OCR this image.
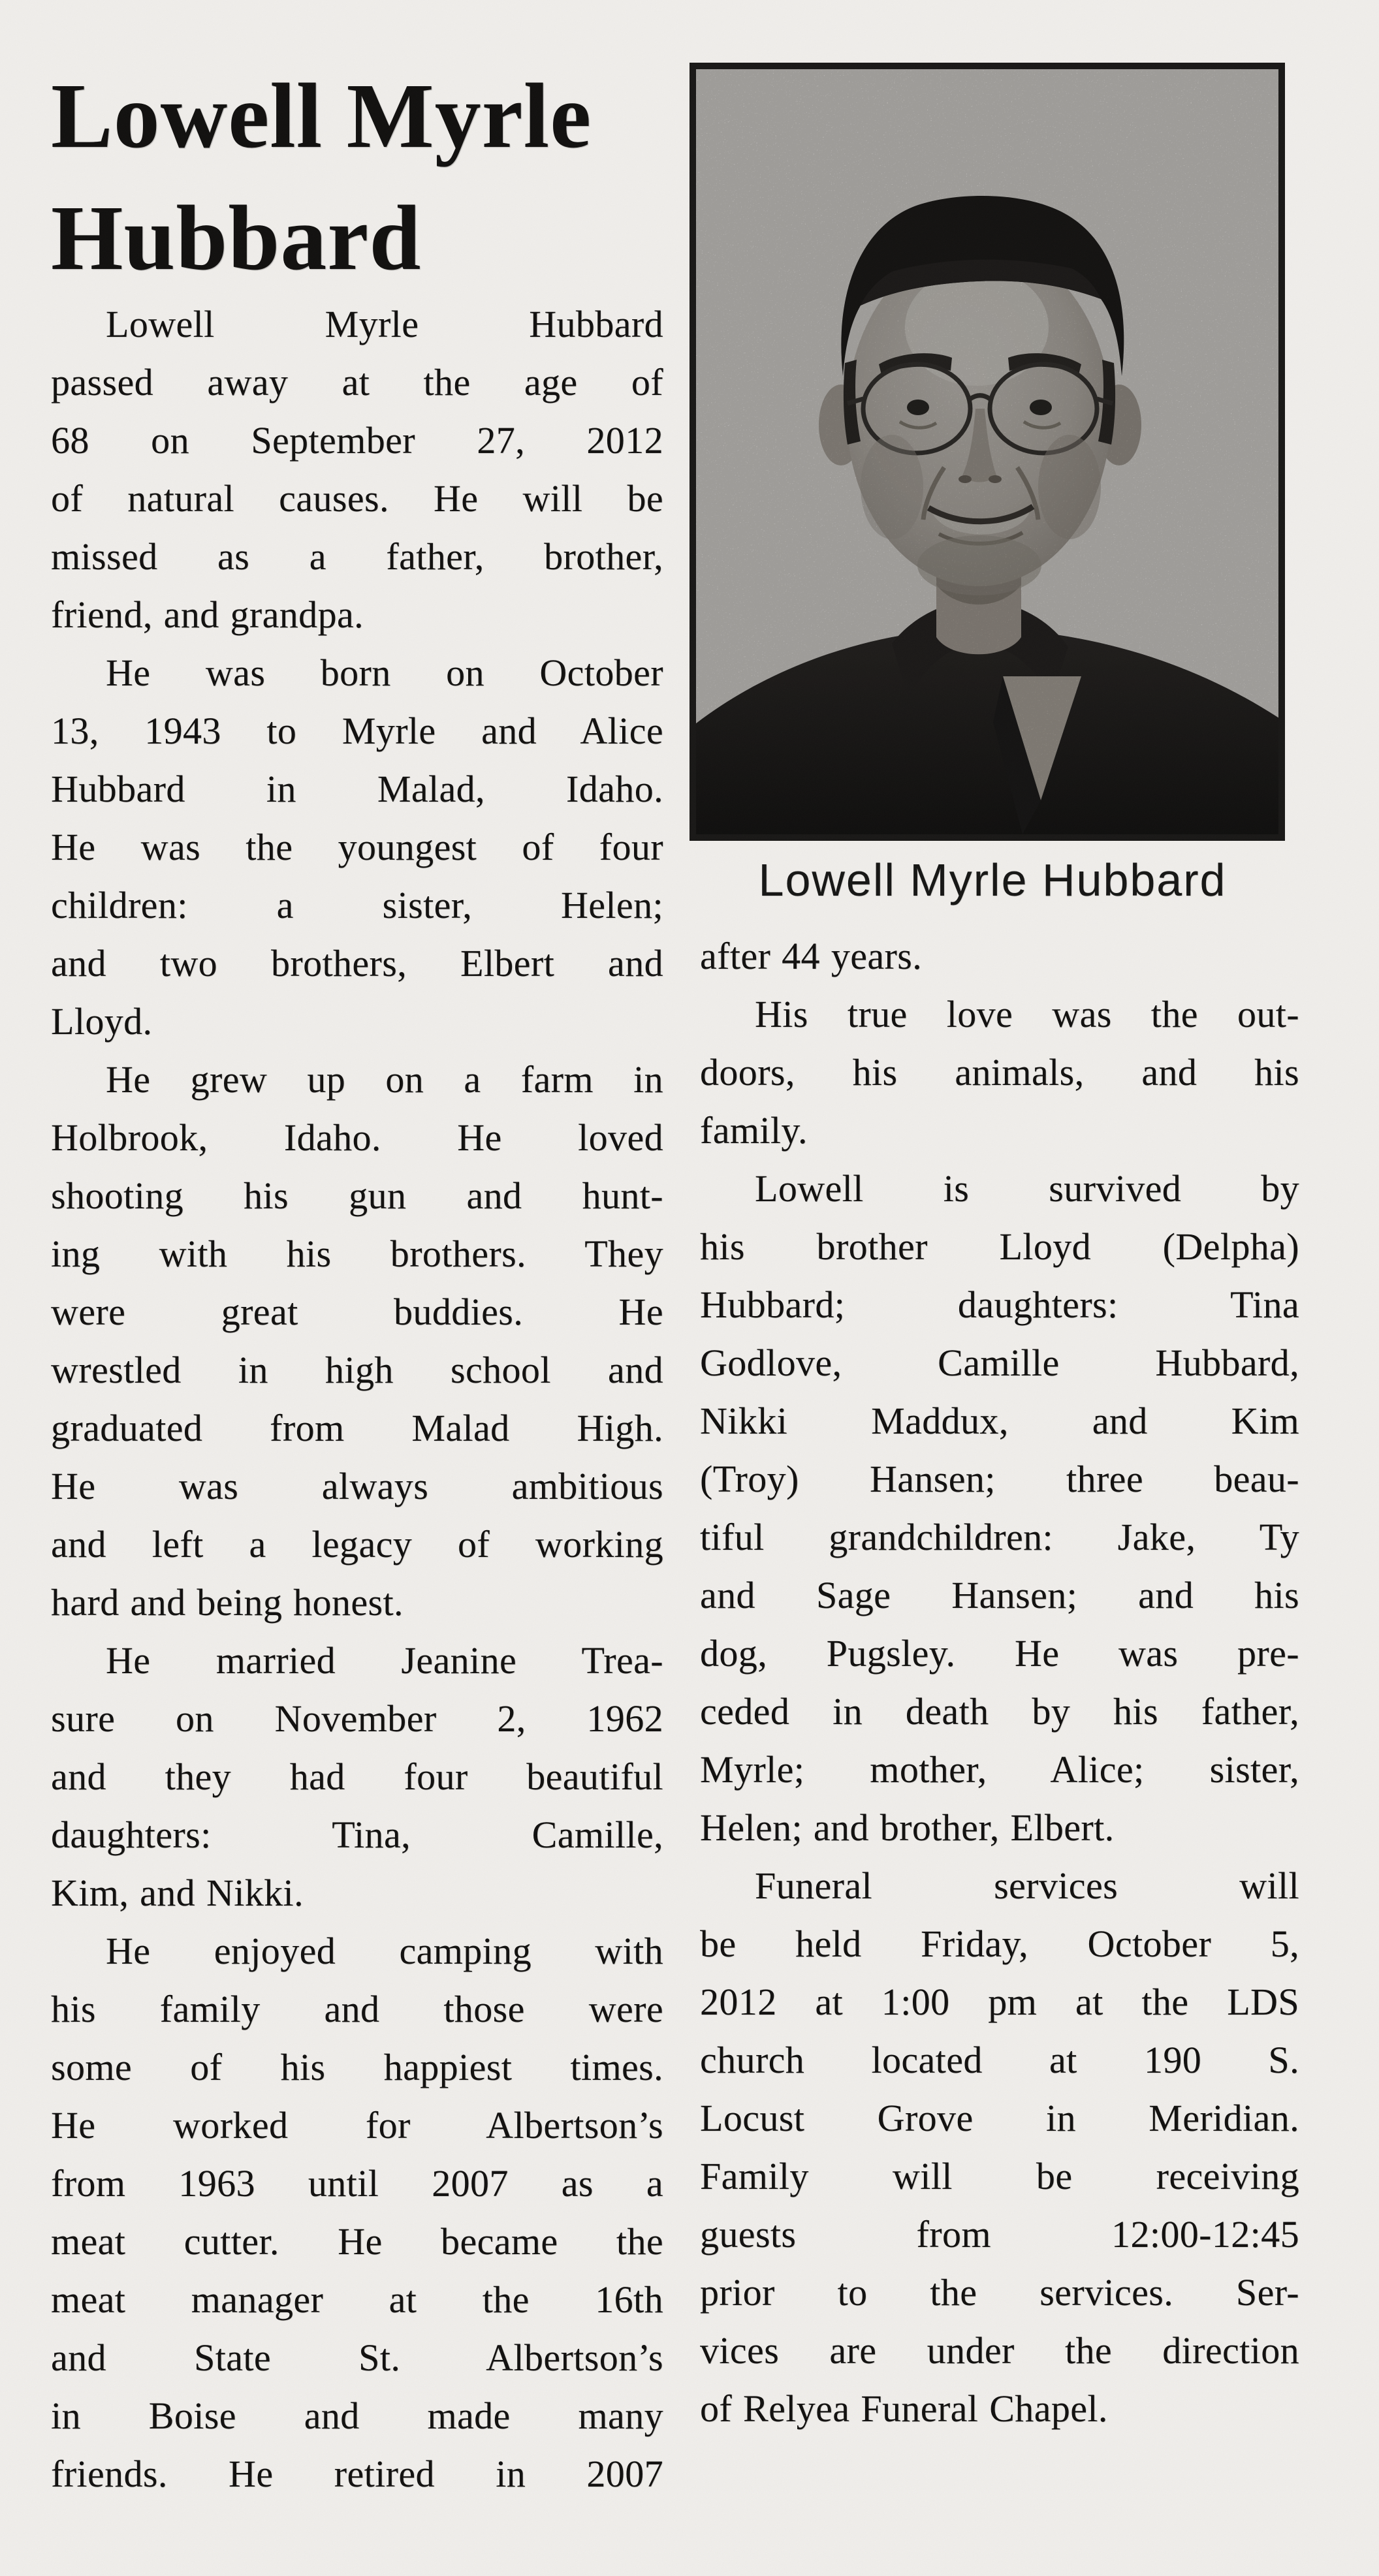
Lowell Myrle
Hubbard
Lowell Myrle Hubbard
Lowell Myrle Hubbard
passed away at the age of
68 on September 27, 2012
of natural causes. He will be
missed as a father, brother,
friend, and grandpa.
He was born on October
13, 1943 to Myrle and Alice
Hubbard in Malad, Idaho.
He was the youngest of four
children: a sister, Helen;
and two brothers, Elbert and
Lloyd.
He grew up on a farm in
Holbrook, Idaho. He loved
shooting his gun and hunt-
ing with his brothers. They
were great buddies. He
wrestled in high school and
graduated from Malad High.
He was always ambitious
and left a legacy of working
hard and being honest.
He married Jeanine Trea-
sure on November 2, 1962
and they had four beautiful
daughters: Tina, Camille,
Kim, and Nikki.
He enjoyed camping with
his family and those were
some of his happiest times.
He worked for Albertson’s
from 1963 until 2007 as a
meat cutter. He became the
meat manager at the 16th
and State St. Albertson’s
in Boise and made many
friends. He retired in 2007
after 44 years.
His true love was the out-
doors, his animals, and his
family.
Lowell is survived by
his brother Lloyd (Delpha)
Hubbard; daughters: Tina
Godlove, Camille Hubbard,
Nikki Maddux, and Kim
(Troy) Hansen; three beau-
tiful grandchildren: Jake, Ty
and Sage Hansen; and his
dog, Pugsley. He was pre-
ceded in death by his father,
Myrle; mother, Alice; sister,
Helen; and brother, Elbert.
Funeral services will
be held Friday, October 5,
2012 at 1:00 pm at the LDS
church located at 190 S.
Locust Grove in Meridian.
Family will be receiving
guests from 12:00-12:45
prior to the services. Ser-
vices are under the direction
of Relyea Funeral Chapel.
